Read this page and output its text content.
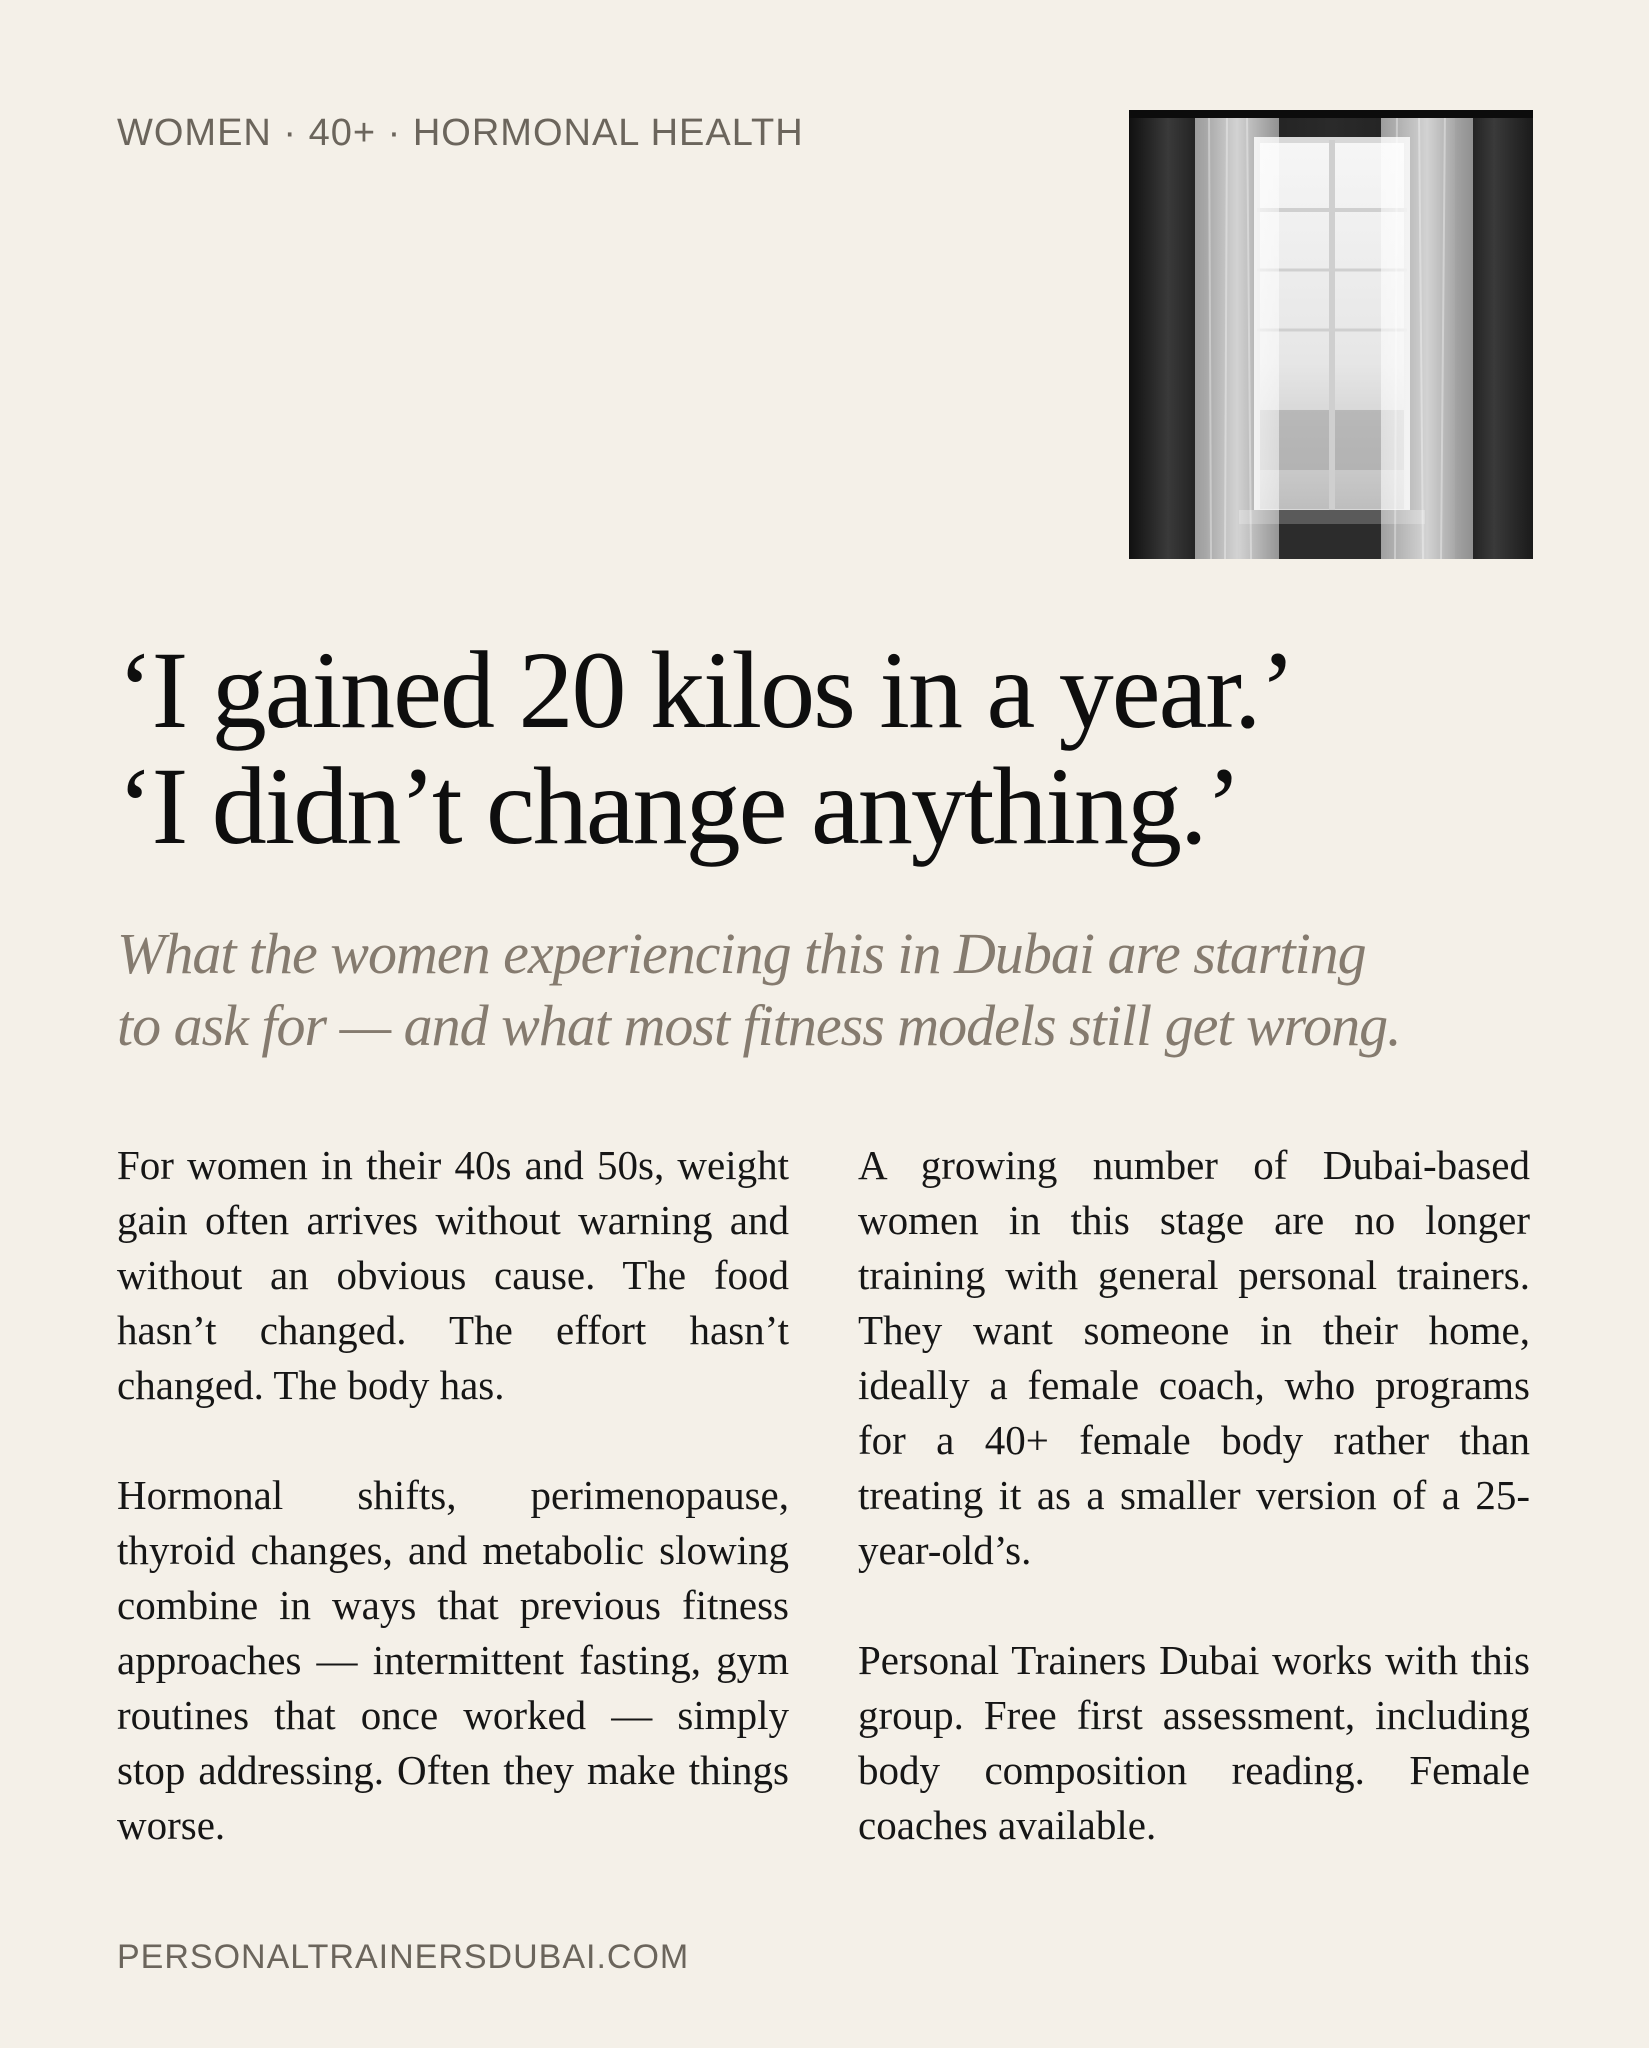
WOMEN · 40+ · HORMONAL HEALTH
‘I gained 20 kilos in a year.’
‘I didn’t change anything.’
What the women experiencing this in Dubai are starting
to ask for — and what most fitness models still get wrong.

For women in their 40s and 50s, weight gain often arrives without warning and without an obvious cause. The food hasn’t changed. The effort hasn’t changed. The body has.

Hormonal shifts, perimenopause, thyroid changes, and metabolic slowing combine in ways that previous fitness approaches — intermittent fasting, gym routines that once worked — simply stop addressing. Often they make things worse.

A growing number of Dubai-based women in this stage are no longer training with general personal trainers. They want someone in their home, ideally a female coach, who programs for a 40+ female body rather than treating it as a smaller version of a 25-year-old’s.

Personal Trainers Dubai works with this group. Free first assessment, including body composition reading. Female coaches available.

PERSONALTRAINERSDUBAI.COM
